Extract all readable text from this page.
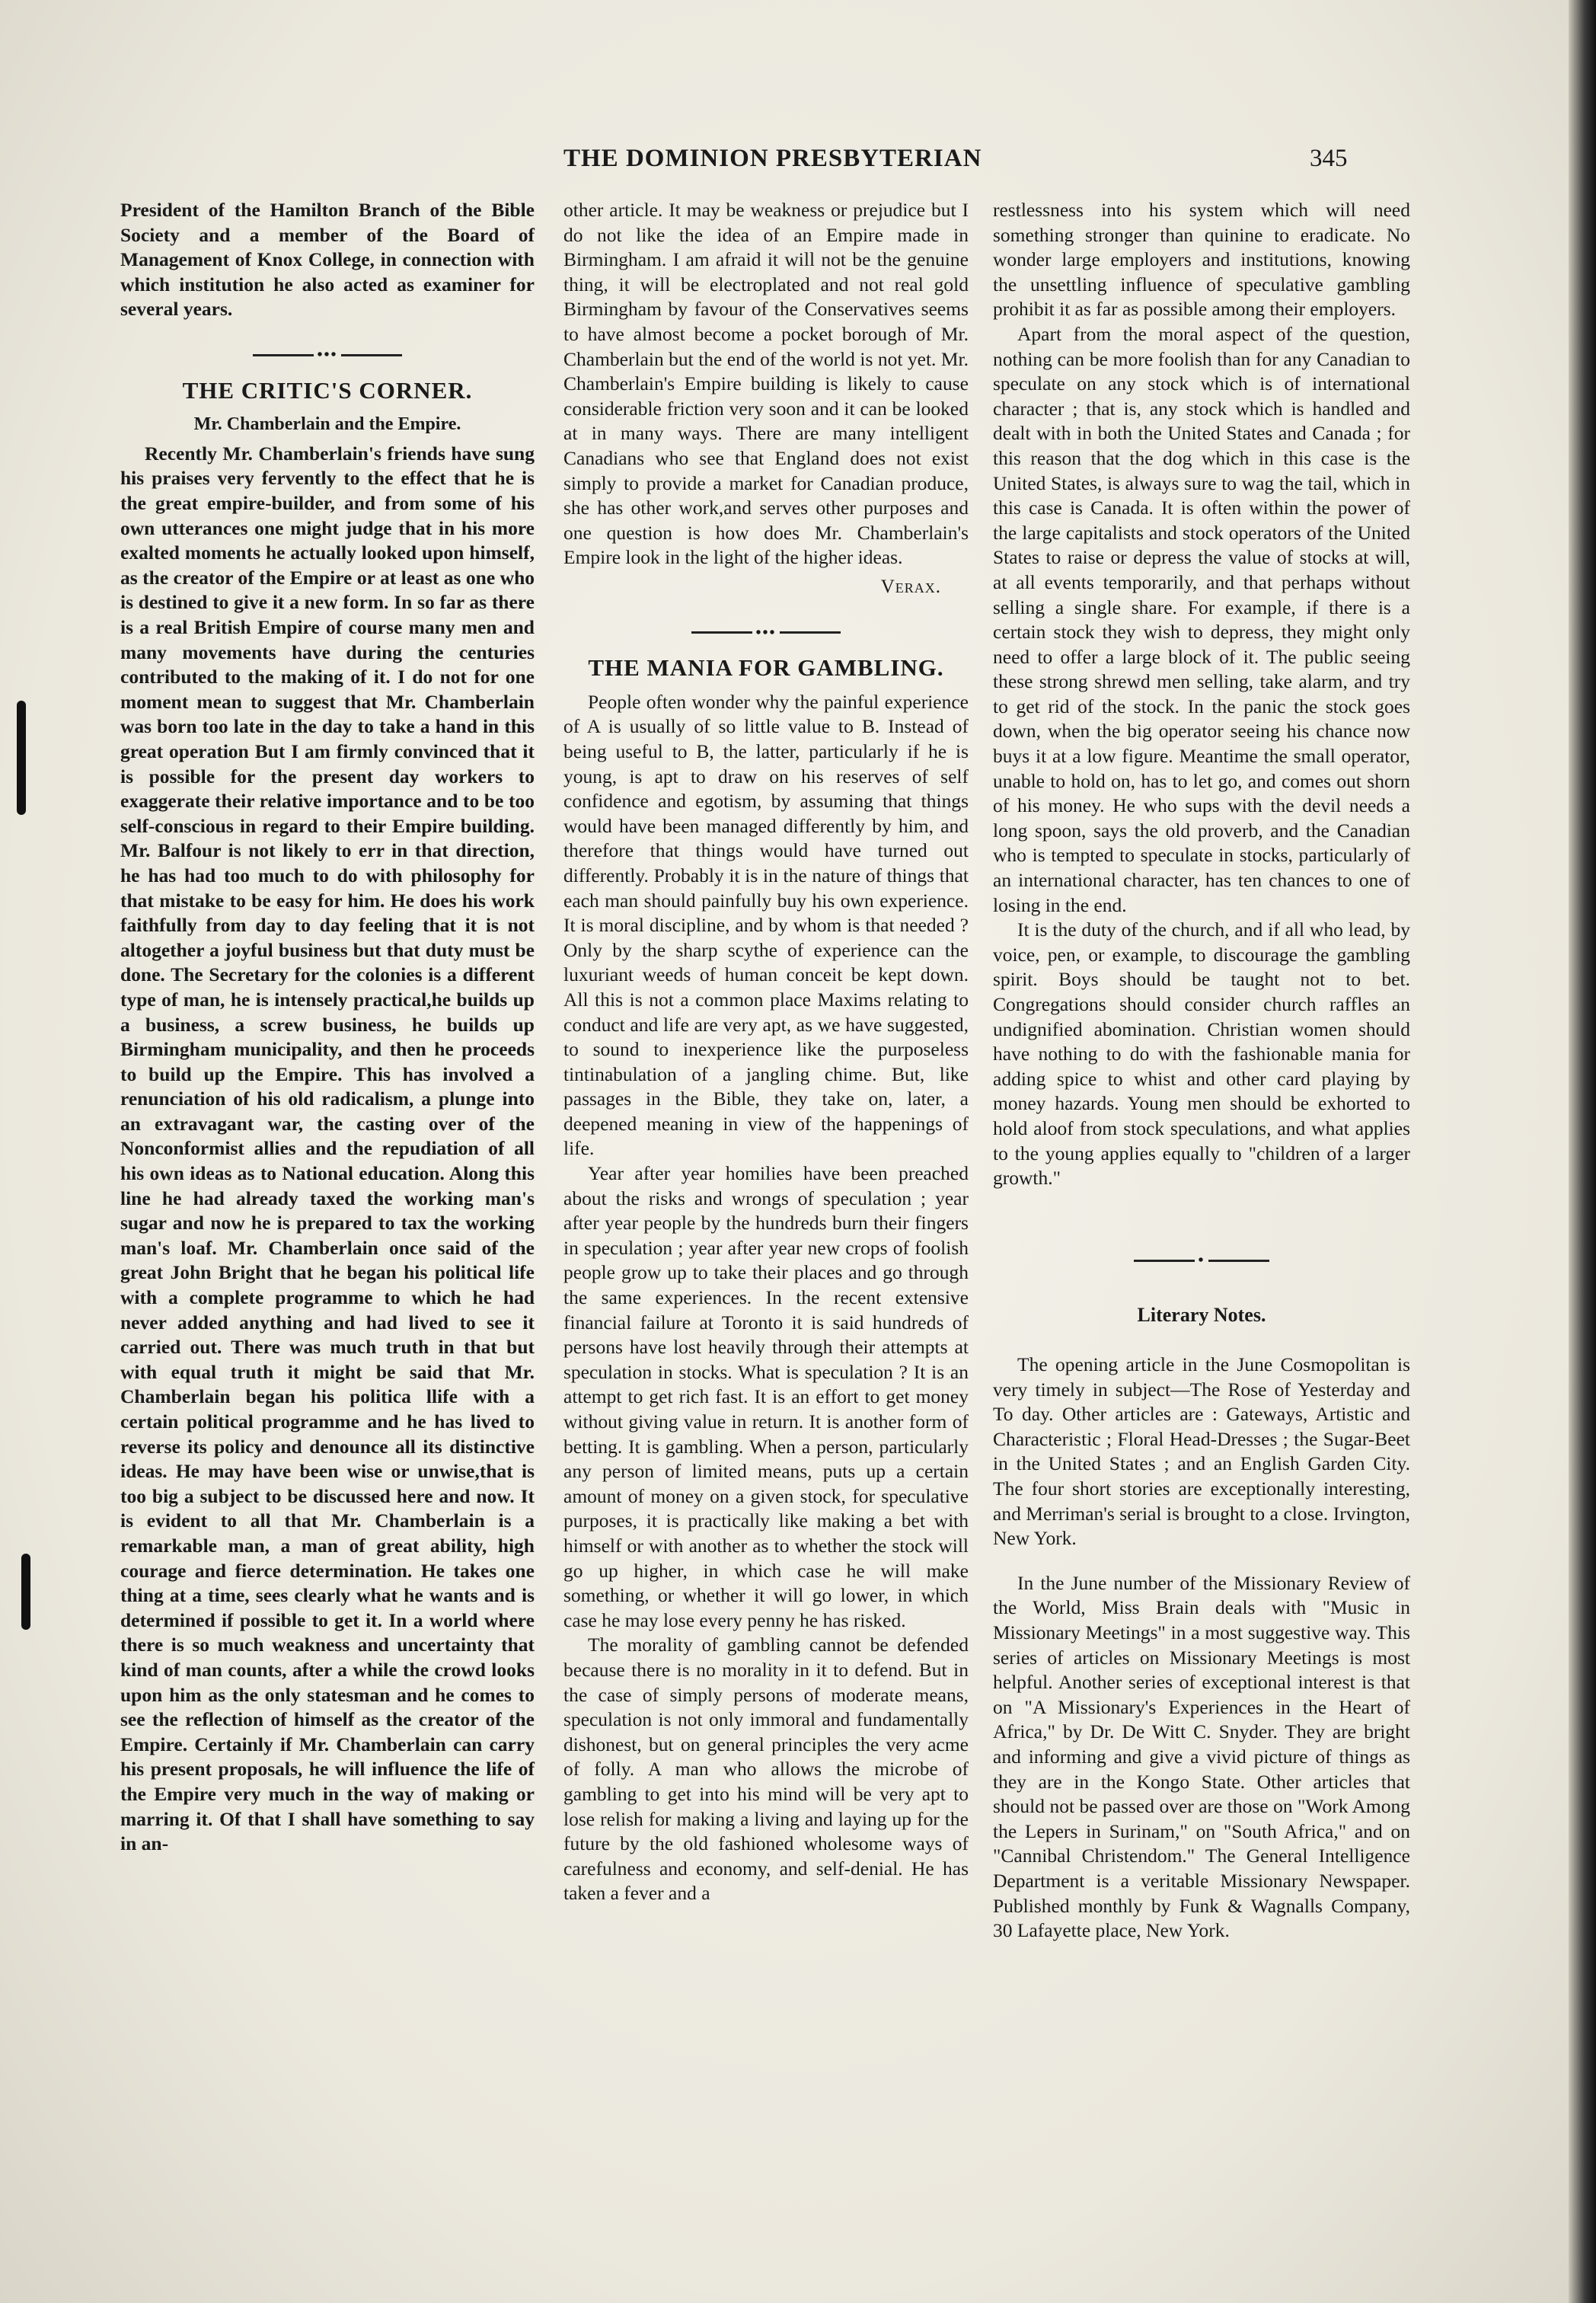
THE DOMINION PRESBYTERIAN	345

President of the Hamilton Branch of the Bible Society and a member of the Board of Management of Knox College, in connection with which institution he also acted as examiner for several years.

•••
THE CRITIC'S CORNER.
Mr. Chamberlain and the Empire.

Recently Mr. Chamberlain's friends have sung his praises very fervently to the effect that he is the great empire-builder, and from some of his own utterances one might judge that in his more exalted moments he actually looked upon himself, as the creator of the Empire or at least as one who is destined to give it a new form. In so far as there is a real British Empire of course many men and many movements have during the centuries contributed to the making of it. I do not for one moment mean to suggest that Mr. Chamberlain was born too late in the day to take a hand in this great operation But I am firmly convinced that it is possible for the present day workers to exaggerate their relative importance and to be too self-conscious in regard to their Empire building. Mr. Balfour is not likely to err in that direction, he has had too much to do with philosophy for that mistake to be easy for him. He does his work faithfully from day to day feeling that it is not altogether a joyful business but that duty must be done. The Secretary for the colonies is a different type of man, he is intensely practical,he builds up a business, a screw business, he builds up Birmingham municipality, and then he proceeds to build up the Empire. This has involved a renunciation of his old radicalism, a plunge into an extravagant war, the casting over of the Nonconformist allies and the repudiation of all his own ideas as to National education. Along this line he had already taxed the working man's sugar and now he is prepared to tax the working man's loaf. Mr. Chamberlain once said of the great John Bright that he began his political life with a complete programme to which he had never added anything and had lived to see it carried out. There was much truth in that but with equal truth it might be said that Mr. Chamberlain began his politica llife with a certain political programme and he has lived to reverse its policy and denounce all its distinctive ideas. He may have been wise or unwise,that is too big a subject to be discussed here and now. It is evident to all that Mr. Chamberlain is a remarkable man, a man of great ability, high courage and fierce determination. He takes one thing at a time, sees clearly what he wants and is determined if possible to get it. In a world where there is so much weakness and uncertainty that kind of man counts, after a while the crowd looks upon him as the only statesman and he comes to see the reflection of himself as the creator of the Empire. Certainly if Mr. Chamberlain can carry his present proposals, he will influence the life of the Empire very much in the way of making or marring it. Of that I shall have something to say in an-

other article. It may be weakness or prejudice but I do not like the idea of an Empire made in Birmingham. I am afraid it will not be the genuine thing, it will be electroplated and not real gold Birmingham by favour of the Conservatives seems to have almost become a pocket borough of Mr. Chamberlain but the end of the world is not yet. Mr. Chamberlain's Empire building is likely to cause considerable friction very soon and it can be looked at in many ways. There are many intelligent Canadians who see that England does not exist simply to provide a market for Canadian produce, she has other work,and serves other purposes and one question is how does Mr. Chamberlain's Empire look in the light of the higher ideas.

Verax.
•••
THE MANIA FOR GAMBLING.

People often wonder why the painful experience of A is usually of so little value to B. Instead of being useful to B, the latter, particularly if he is young, is apt to draw on his reserves of self confidence and egotism, by assuming that things would have been managed differently by him, and therefore that things would have turned out differently. Probably it is in the nature of things that each man should painfully buy his own experience. It is moral discipline, and by whom is that needed ? Only by the sharp scythe of experience can the luxuriant weeds of human conceit be kept down. All this is not a common place Maxims relating to conduct and life are very apt, as we have suggested, to sound to inexperience like the purposeless tintinabulation of a jangling chime. But, like passages in the Bible, they take on, later, a deepened meaning in view of the happenings of life.

Year after year homilies have been preached about the risks and wrongs of speculation ; year after year people by the hundreds burn their fingers in speculation ; year after year new crops of foolish people grow up to take their places and go through the same experiences. In the recent extensive financial failure at Toronto it is said hundreds of persons have lost heavily through their attempts at speculation in stocks. What is speculation ? It is an attempt to get rich fast. It is an effort to get money without giving value in return. It is another form of betting. It is gambling. When a person, particularly any person of limited means, puts up a certain amount of money on a given stock, for speculative purposes, it is practically like making a bet with himself or with another as to whether the stock will go up higher, in which case he will make something, or whether it will go lower, in which case he may lose every penny he has risked.

The morality of gambling cannot be defended because there is no morality in it to defend. But in the case of simply persons of moderate means, speculation is not only immoral and fundamentally dishonest, but on general principles the very acme of folly. A man who allows the microbe of gambling to get into his mind will be very apt to lose relish for making a living and laying up for the future by the old fashioned wholesome ways of carefulness and economy, and self-denial. He has taken a fever and a

restlessness into his system which will need something stronger than quinine to eradicate. No wonder large employers and institutions, knowing the unsettling influence of speculative gambling prohibit it as far as possible among their employers.

Apart from the moral aspect of the question, nothing can be more foolish than for any Canadian to speculate on any stock which is of international character ; that is, any stock which is handled and dealt with in both the United States and Canada ; for this reason that the dog which in this case is the United States, is always sure to wag the tail, which in this case is Canada. It is often within the power of the large capitalists and stock operators of the United States to raise or depress the value of stocks at will, at all events temporarily, and that perhaps without selling a single share. For example, if there is a certain stock they wish to depress, they might only need to offer a large block of it. The public seeing these strong shrewd men selling, take alarm, and try to get rid of the stock. In the panic the stock goes down, when the big operator seeing his chance now buys it at a low figure. Meantime the small operator, unable to hold on, has to let go, and comes out shorn of his money. He who sups with the devil needs a long spoon, says the old proverb, and the Canadian who is tempted to speculate in stocks, particularly of an international character, has ten chances to one of losing in the end.

It is the duty of the church, and if all who lead, by voice, pen, or example, to discourage the gambling spirit. Boys should be taught not to bet. Congregations should consider church raffles an undignified abomination. Christian women should have nothing to do with the fashionable mania for adding spice to whist and other card playing by money hazards. Young men should be exhorted to hold aloof from stock speculations, and what applies to the young applies equally to "children of a larger growth."

•
Literary Notes.

The opening article in the June Cosmopolitan is very timely in subject—The Rose of Yesterday and To day. Other articles are : Gateways, Artistic and Characteristic ; Floral Head-Dresses ; the Sugar-Beet in the United States ; and an English Garden City. The four short stories are exceptionally interesting, and Merriman's serial is brought to a close. Irvington, New York.

In the June number of the Missionary Review of the World, Miss Brain deals with "Music in Missionary Meetings" in a most suggestive way. This series of articles on Missionary Meetings is most helpful. Another series of exceptional interest is that on "A Missionary's Experiences in the Heart of Africa," by Dr. De Witt C. Snyder. They are bright and informing and give a vivid picture of things as they are in the Kongo State. Other articles that should not be passed over are those on "Work Among the Lepers in Surinam," on "South Africa," and on "Cannibal Christendom." The General Intelligence Department is a veritable Missionary Newspaper. Published monthly by Funk & Wagnalls Company, 30 Lafayette place, New York.
